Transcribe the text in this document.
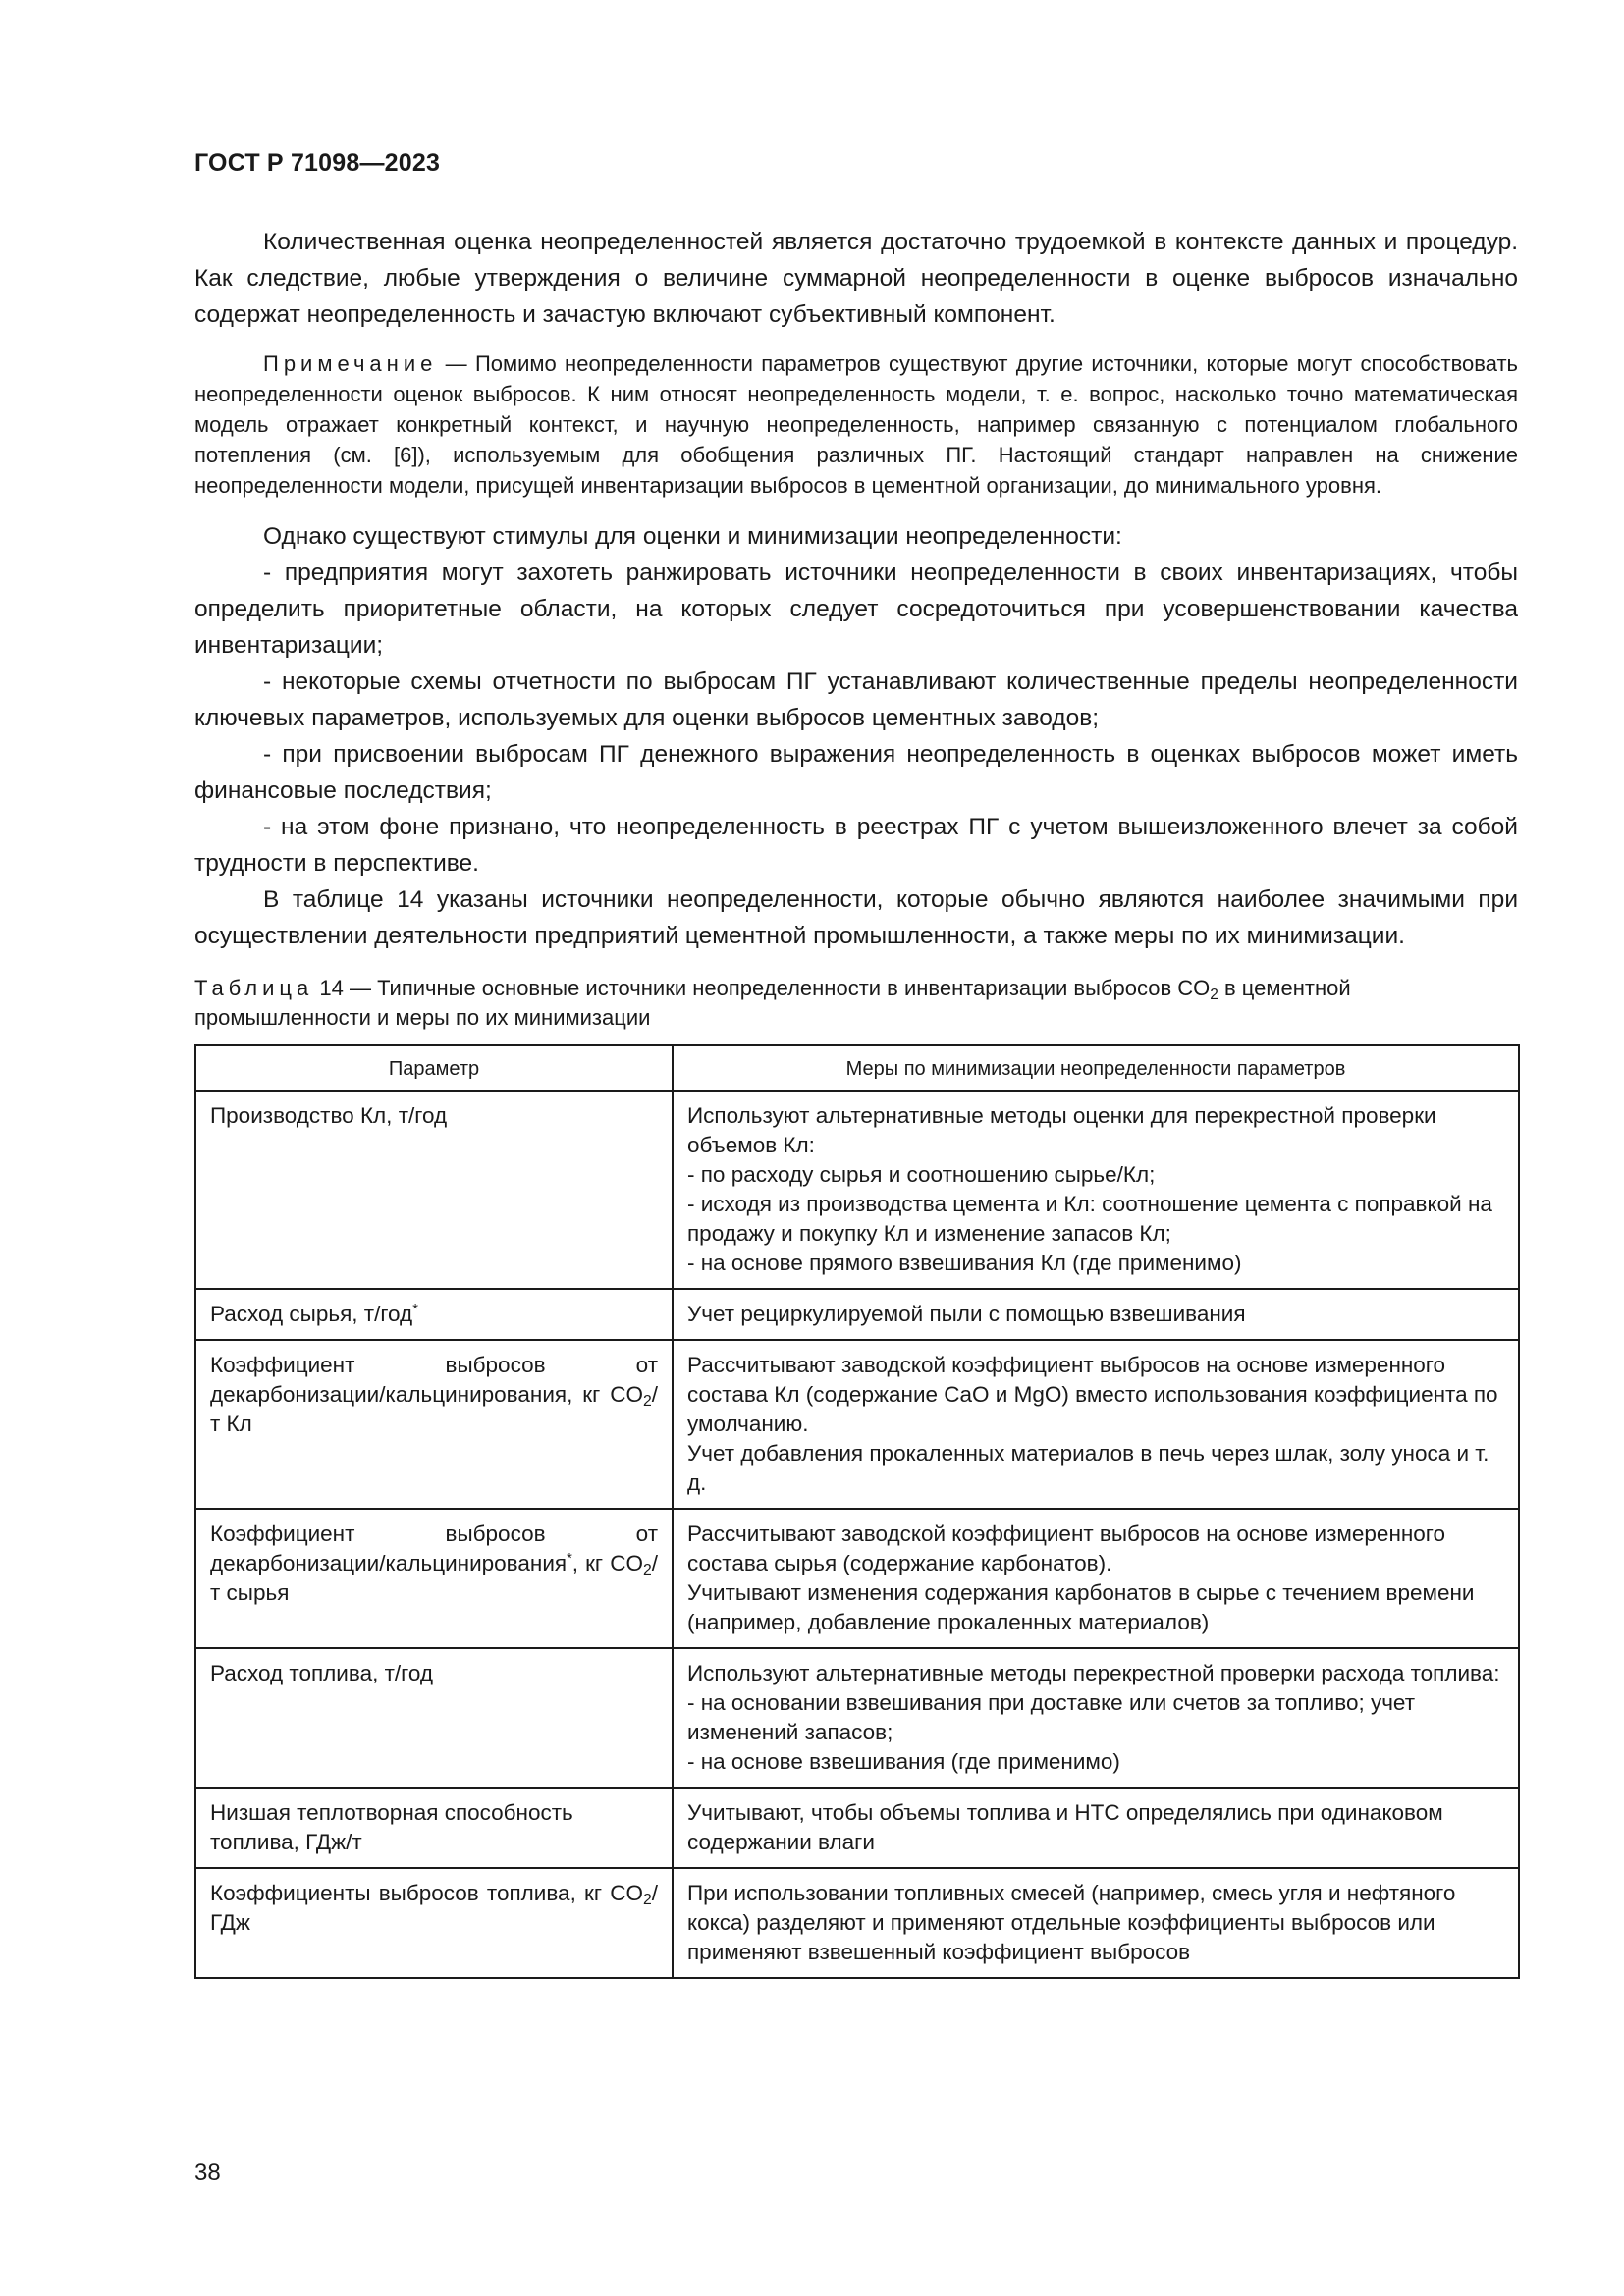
ГОСТ Р 71098—2023

Количественная оценка неопределенностей является достаточно трудоемкой в контексте данных и процедур. Как следствие, любые утверждения о величине суммарной неопределенности в оценке выбросов изначально содержат неопределенность и зачастую включают субъективный компонент.

Примечание — Помимо неопределенности параметров существуют другие источники, которые могут способствовать неопределенности оценок выбросов. К ним относят неопределенность модели, т. е. вопрос, насколько точно математическая модель отражает конкретный контекст, и научную неопределенность, например связанную с потенциалом глобального потепления (см. [6]), используемым для обобщения различных ПГ. Настоящий стандарт направлен на снижение неопределенности модели, присущей инвентаризации выбросов в цементной организации, до минимального уровня.

Однако существуют стимулы для оценки и минимизации неопределенности:

- предприятия могут захотеть ранжировать источники неопределенности в своих инвентаризациях, чтобы определить приоритетные области, на которых следует сосредоточиться при усовершенствовании качества инвентаризации;

- некоторые схемы отчетности по выбросам ПГ устанавливают количественные пределы неопределенности ключевых параметров, используемых для оценки выбросов цементных заводов;

- при присвоении выбросам ПГ денежного выражения неопределенность в оценках выбросов может иметь финансовые последствия;

- на этом фоне признано, что неопределенность в реестрах ПГ с учетом вышеизложенного влечет за собой трудности в перспективе.

В таблице 14 указаны источники неопределенности, которые обычно являются наиболее значимыми при осуществлении деятельности предприятий цементной промышленности, а также меры по их минимизации.

Таблица 14 — Типичные основные источники неопределенности в инвентаризации выбросов $CO_2$ в цементной промышленности и меры по их минимизации
Параметр	Меры по минимизации неопределенности параметров
Производство Кл, т/год	Используют альтернативные методы оценки для перекрестной проверки объемов Кл:
- по расходу сырья и соотношению сырье/Кл;
- исходя из производства цемента и Кл: соотношение цемента с поправкой на продажу и покупку Кл и изменение запасов Кл;
- на основе прямого взвешивания Кл (где применимо)

Расход сырья, т/год*	Учет рециркулируемой пыли с помощью взвешивания

Коэффициент выбросов от декарбонизации/кальцинирования, кг $CO_2/т$ Кл	Рассчитывают заводской коэффициент выбросов на основе измеренного состава Кл (содержание CaO и MgO) вместо использования коэффициента по умолчанию.
Учет добавления прокаленных материалов в печь через шлак, золу уноса и т. д.

Коэффициент выбросов от декарбонизации/кальцинирования*, кг $CO_2/т$ сырья	Рассчитывают заводской коэффициент выбросов на основе измеренного состава сырья (содержание карбонатов).
Учитывают изменения содержания карбонатов в сырье с течением времени (например, добавление прокаленных материалов)

Расход топлива, т/год	Используют альтернативные методы перекрестной проверки расхода топлива:
- на основании взвешивания при доставке или счетов за топливо; учет изменений запасов;
- на основе взвешивания (где применимо)

Низшая теплотворная способность топлива, ГДж/т	Учитывают, чтобы объемы топлива и НТС определялись при одинаковом содержании влаги

Коэффициенты выбросов топлива, кг $CO_2$/ГДж	При использовании топливных смесей (например, смесь угля и нефтяного кокса) разделяют и применяют отдельные коэффициенты выбросов или применяют взвешенный коэффициент выбросов
38
